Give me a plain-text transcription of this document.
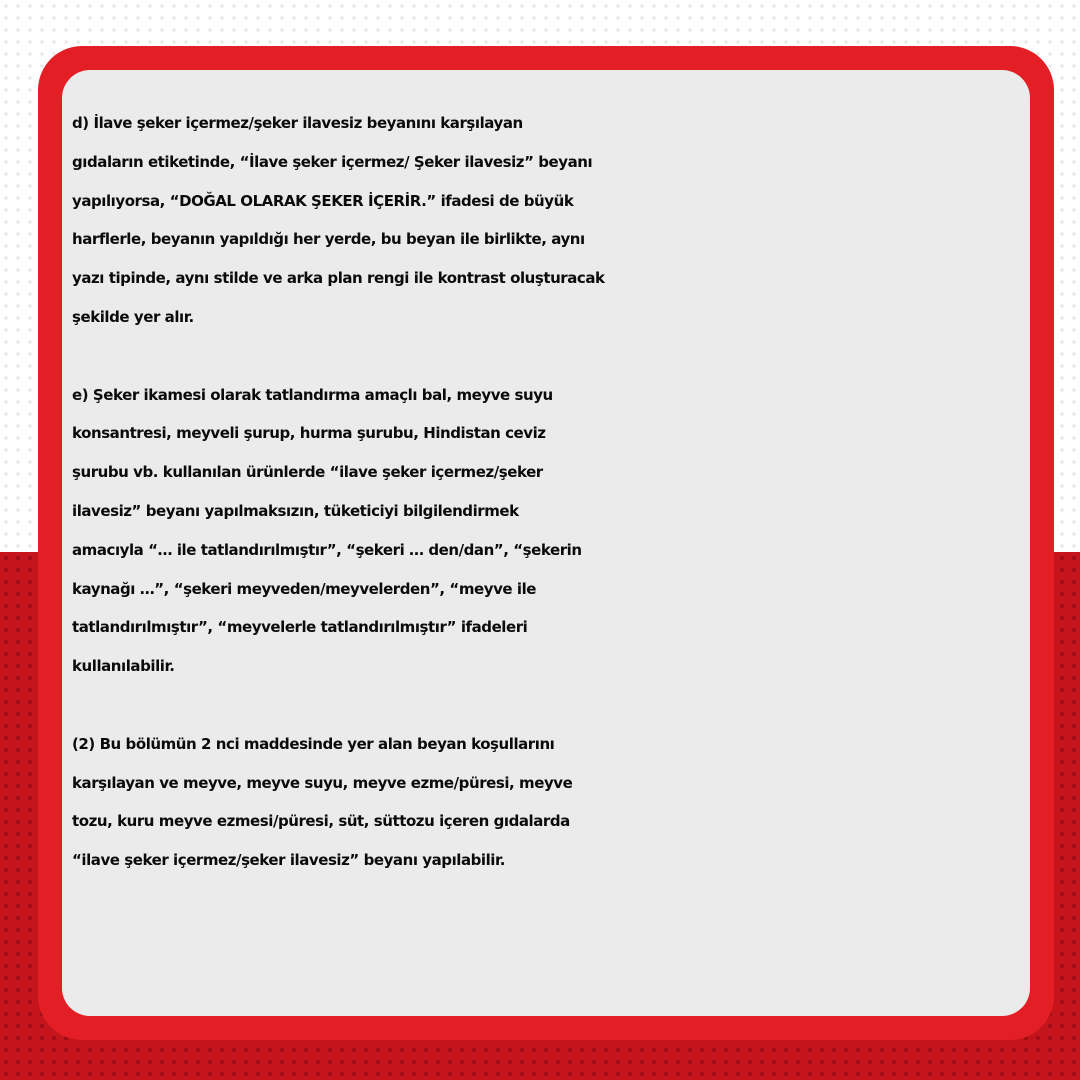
d) İlave şeker içermez/şeker ilavesiz beyanını karşılayan
gıdaların etiketinde, “İlave şeker içermez/ Şeker ilavesiz” beyanı
yapılıyorsa, “DOĞAL OLARAK ŞEKER İÇERİR.” ifadesi de büyük
harflerle, beyanın yapıldığı her yerde, bu beyan ile birlikte, aynı
yazı tipinde, aynı stilde ve arka plan rengi ile kontrast oluşturacak
şekilde yer alır.
e) Şeker ikamesi olarak tatlandırma amaçlı bal, meyve suyu
konsantresi, meyveli şurup, hurma şurubu, Hindistan ceviz
şurubu vb. kullanılan ürünlerde “ilave şeker içermez/şeker
ilavesiz” beyanı yapılmaksızın, tüketiciyi bilgilendirmek
amacıyla “… ile tatlandırılmıştır”, “şekeri … den/dan”, “şekerin
kaynağı …”, “şekeri meyveden/meyvelerden”, “meyve ile
tatlandırılmıştır”, “meyvelerle tatlandırılmıştır” ifadeleri
kullanılabilir.
(2) Bu bölümün 2 nci maddesinde yer alan beyan koşullarını
karşılayan ve meyve, meyve suyu, meyve ezme/püresi, meyve
tozu, kuru meyve ezmesi/püresi, süt, süttozu içeren gıdalarda
“ilave şeker içermez/şeker ilavesiz” beyanı yapılabilir.
